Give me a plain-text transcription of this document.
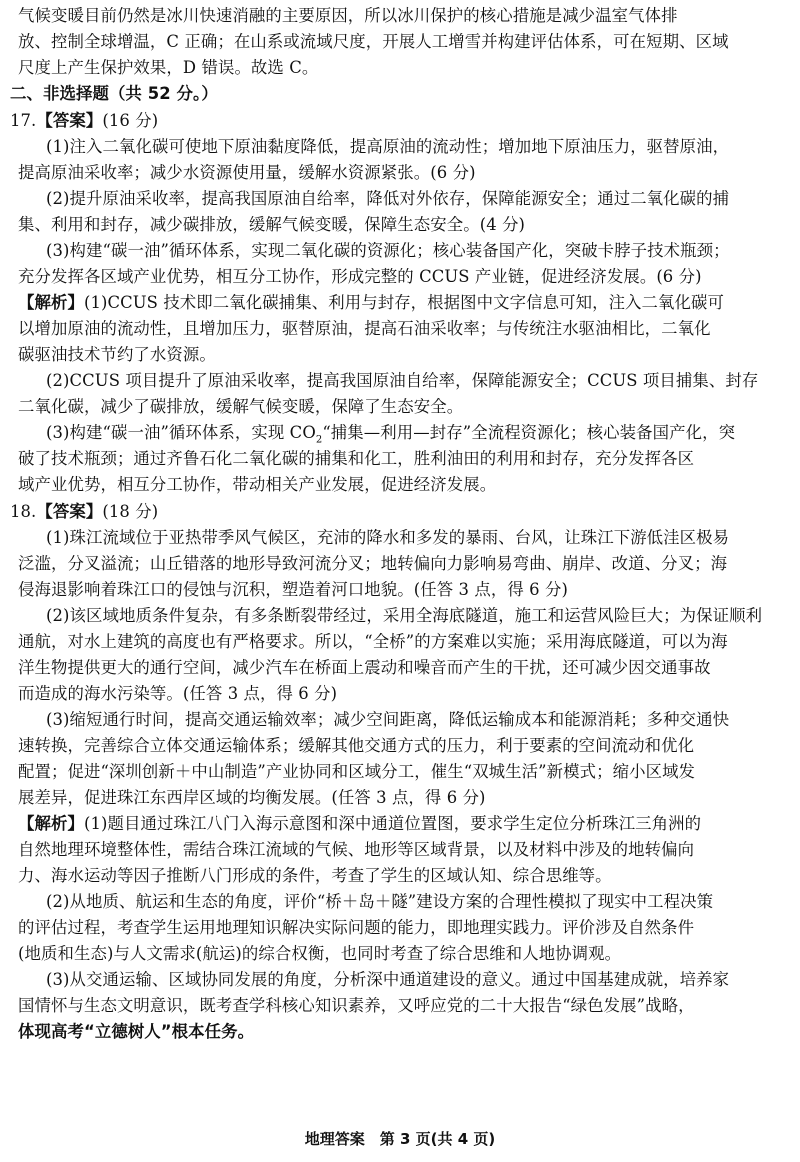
气候变暖目前仍然是冰川快速消融的主要原因，所以冰川保护的核心措施是减少温室气体排
放、控制全球增温，C 正确；在山系或流域尺度，开展人工增雪并构建评估体系，可在短期、区域
尺度上产生保护效果，D 错误。故选 C。
二、非选择题（共 52 分。）
17.【答案】(16 分)
(1)注入二氧化碳可使地下原油黏度降低，提高原油的流动性；增加地下原油压力，驱替原油，
提高原油采收率；减少水资源使用量，缓解水资源紧张。(6 分)
(2)提升原油采收率，提高我国原油自给率，降低对外依存，保障能源安全；通过二氧化碳的捕
集、利用和封存，减少碳排放，缓解气候变暖，保障生态安全。(4 分)
(3)构建“碳一油”循环体系，实现二氧化碳的资源化；核心装备国产化，突破卡脖子技术瓶颈；
充分发挥各区域产业优势，相互分工协作，形成完整的 CCUS 产业链，促进经济发展。(6 分)
【解析】(1)CCUS 技术即二氧化碳捕集、利用与封存，根据图中文字信息可知，注入二氧化碳可
以增加原油的流动性，且增加压力，驱替原油，提高石油采收率；与传统注水驱油相比，二氧化
碳驱油技术节约了水资源。
(2)CCUS 项目提升了原油采收率，提高我国原油自给率，保障能源安全；CCUS 项目捕集、封存
二氧化碳，减少了碳排放，缓解气候变暖，保障了生态安全。
(3)构建“碳一油”循环体系，实现 $CO_2“$捕集—利用—封存”全流程资源化；核心装备国产化，突
破了技术瓶颈；通过齐鲁石化二氧化碳的捕集和化工，胜利油田的利用和封存，充分发挥各区
域产业优势，相互分工协作，带动相关产业发展，促进经济发展。
18.【答案】(18 分)
(1)珠江流域位于亚热带季风气候区，充沛的降水和多发的暴雨、台风，让珠江下游低洼区极易
泛滥，分叉溢流；山丘错落的地形导致河流分叉；地转偏向力影响易弯曲、崩岸、改道、分叉；海
侵海退影响着珠江口的侵蚀与沉积，塑造着河口地貌。(任答 3 点，得 6 分)
(2)该区域地质条件复杂，有多条断裂带经过，采用全海底隧道，施工和运营风险巨大；为保证顺利
通航，对水上建筑的高度也有严格要求。所以，“全桥”的方案难以实施；采用海底隧道，可以为海
洋生物提供更大的通行空间，减少汽车在桥面上震动和噪音而产生的干扰，还可减少因交通事故
而造成的海水污染等。(任答 3 点，得 6 分)
(3)缩短通行时间，提高交通运输效率；减少空间距离，降低运输成本和能源消耗；多种交通快
速转换，完善综合立体交通运输体系；缓解其他交通方式的压力，利于要素的空间流动和优化
配置；促进“深圳创新＋中山制造”产业协同和区域分工，催生“双城生活”新模式；缩小区域发
展差异，促进珠江东西岸区域的均衡发展。(任答 3 点，得 6 分)
【解析】(1)题目通过珠江八门入海示意图和深中通道位置图，要求学生定位分析珠江三角洲的
自然地理环境整体性，需结合珠江流域的气候、地形等区域背景，以及材料中涉及的地转偏向
力、海水运动等因子推断八门形成的条件，考查了学生的区域认知、综合思维等。
(2)从地质、航运和生态的角度，评价“桥＋岛＋隧”建设方案的合理性模拟了现实中工程决策
的评估过程，考查学生运用地理知识解决实际问题的能力，即地理实践力。评价涉及自然条件
(地质和生态)与人文需求(航运)的综合权衡，也同时考查了综合思维和人地协调观。
(3)从交通运输、区域协同发展的角度，分析深中通道建设的意义。通过中国基建成就，培养家
国情怀与生态文明意识，既考查学科核心知识素养，又呼应党的二十大报告“绿色发展”战略，
体现高考“立德树人”根本任务。
地理答案　第 3 页(共 4 页)
